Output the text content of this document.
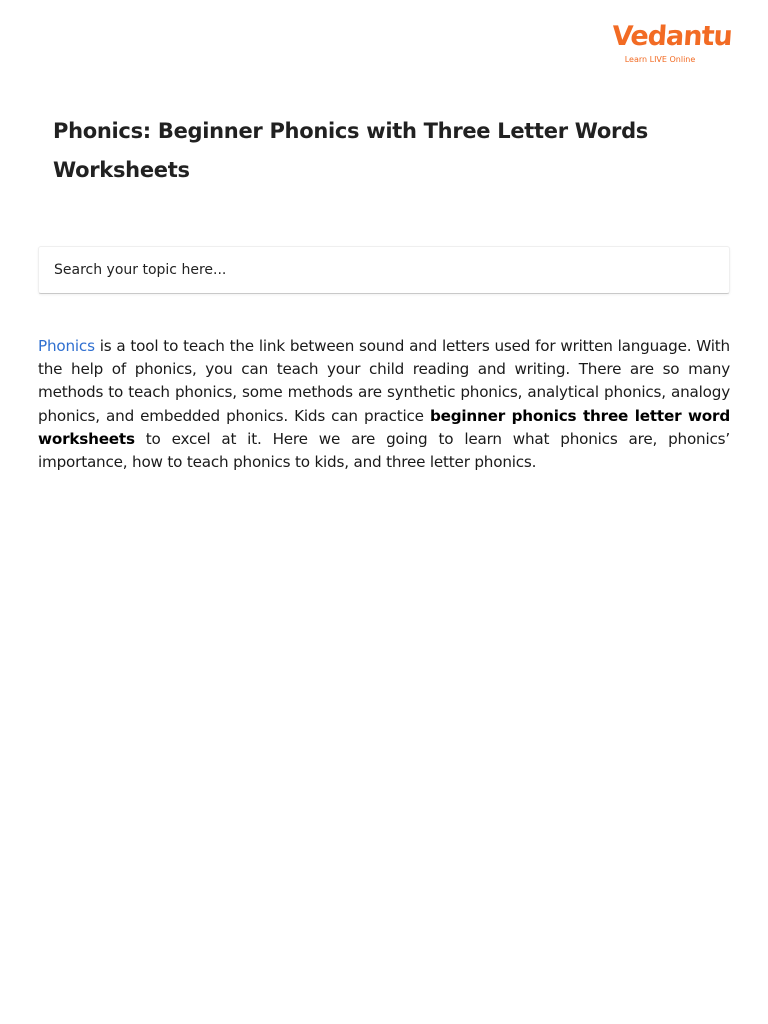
Vedantu
Learn LIVE Online
Phonics: Beginner Phonics with Three Letter Words Worksheets
Search your topic here...

Phonics is a tool to teach the link between sound and letters used for written language. With the help of phonics, you can teach your child reading and writing. There are so many methods to teach phonics, some methods are synthetic phonics, analytical phonics, analogy phonics, and embedded phonics. Kids can practice beginner phonics three letter word worksheets to excel at it. Here we are going to learn what phonics are, phonics’ importance, how to teach phonics to kids, and three letter phonics.
